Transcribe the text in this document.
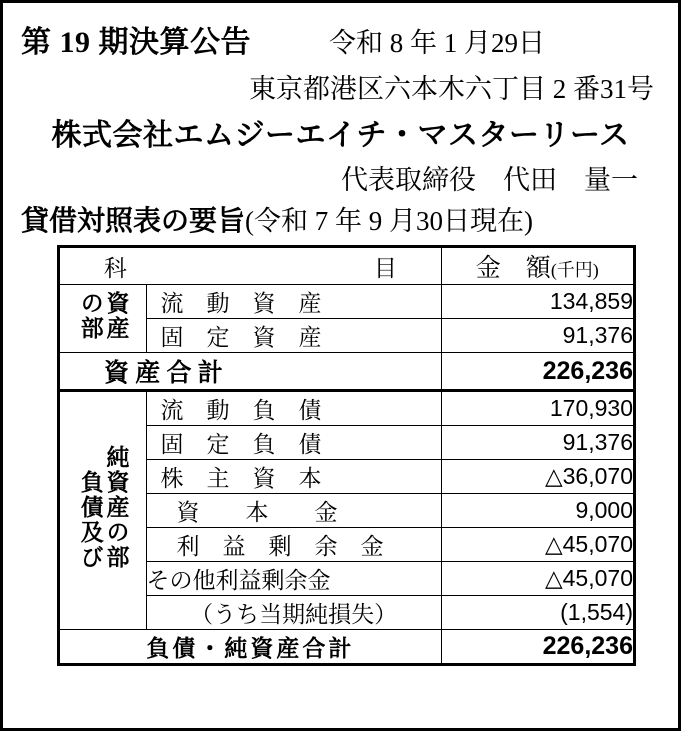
第 19 期決算公告	令和 8 年 1 月29日
東京都港区六本木六丁目 2 番31号
株式会社エムジーエイチ・マスターリース
代表取締役　代田　量一
貸借対照表の要旨 (令和 7 年 9 月30日現在)
科　　　　　目		金　額(千円)
資産の部	流　動　資　産	134,859

固　定　資　産	91,376

資 産 合 計		226,236
負債及び純資産の部	流　動　負　債	170,930

固　定　負　債	91,376

株　主　資　本	△36,070

資　　本　　金	9,000

利　益　剰　余　金	△45,070
	その他利益剰余金	△45,070
	（うち当期純損失）	(1,554)
負債・純資産合計		226,236
